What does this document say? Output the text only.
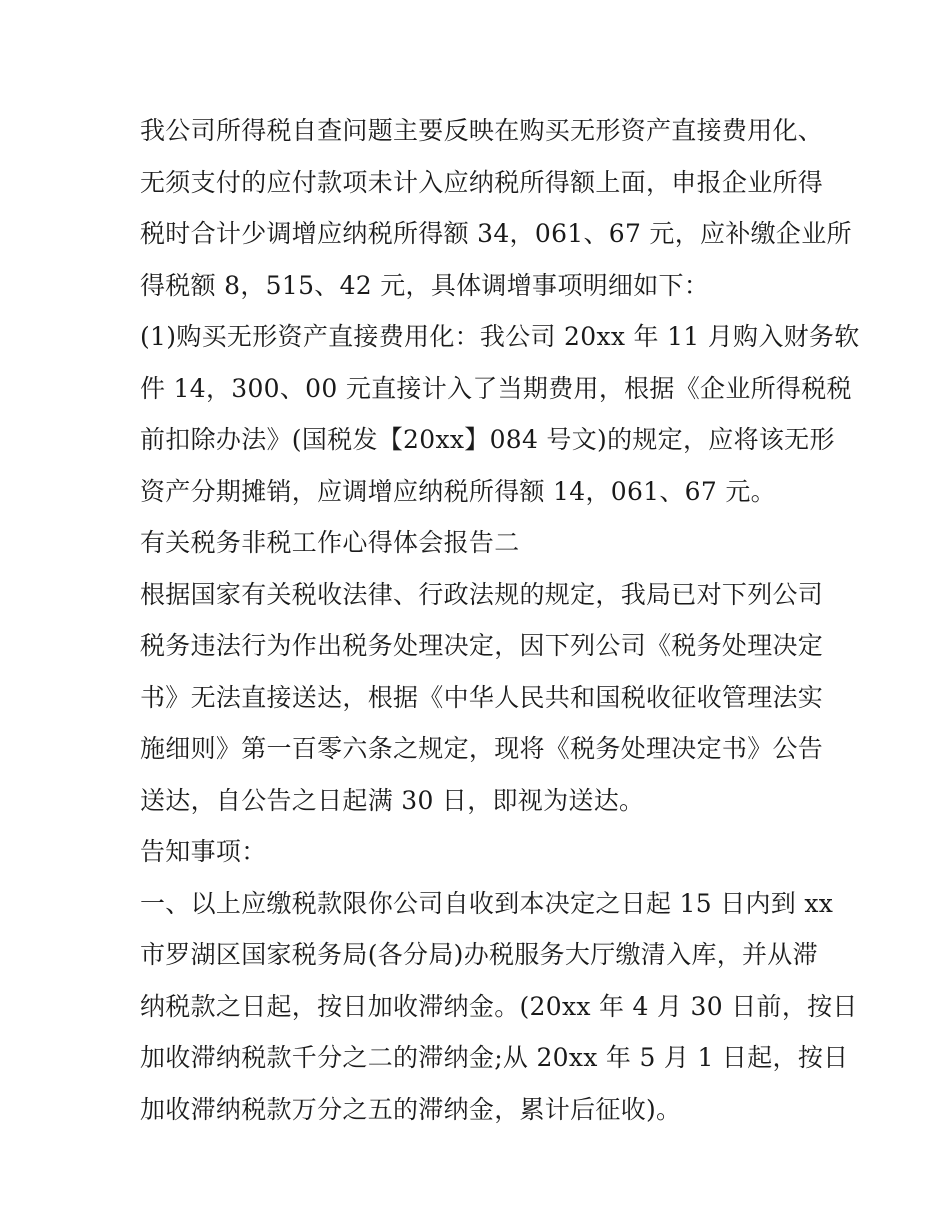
我公司所得税自查问题主要反映在购买无形资产直接费用化、
无须支付的应付款项未计入应纳税所得额上面，申报企业所得
税时合计少调增应纳税所得额 34，061、67 元，应补缴企业所
得税额 8，515、42 元，具体调增事项明细如下：
(1)购买无形资产直接费用化：我公司 20xx 年 11 月购入财务软
件 14，300、00 元直接计入了当期费用，根据《企业所得税税
前扣除办法》(国税发【20xx】084 号文)的规定，应将该无形
资产分期摊销，应调增应纳税所得额 14，061、67 元。
有关税务非税工作心得体会报告二
根据国家有关税收法律、行政法规的规定，我局已对下列公司
税务违法行为作出税务处理决定，因下列公司《税务处理决定
书》无法直接送达，根据《中华人民共和国税收征收管理法实
施细则》第一百零六条之规定，现将《税务处理决定书》公告
送达，自公告之日起满 30 日，即视为送达。
告知事项：
一、以上应缴税款限你公司自收到本决定之日起 15 日内到 xx
市罗湖区国家税务局(各分局)办税服务大厅缴清入库，并从滞
纳税款之日起，按日加收滞纳金。(20xx 年 4 月 30 日前，按日
加收滞纳税款千分之二的滞纳金;从 20xx 年 5 月 1 日起，按日
加收滞纳税款万分之五的滞纳金，累计后征收)。
